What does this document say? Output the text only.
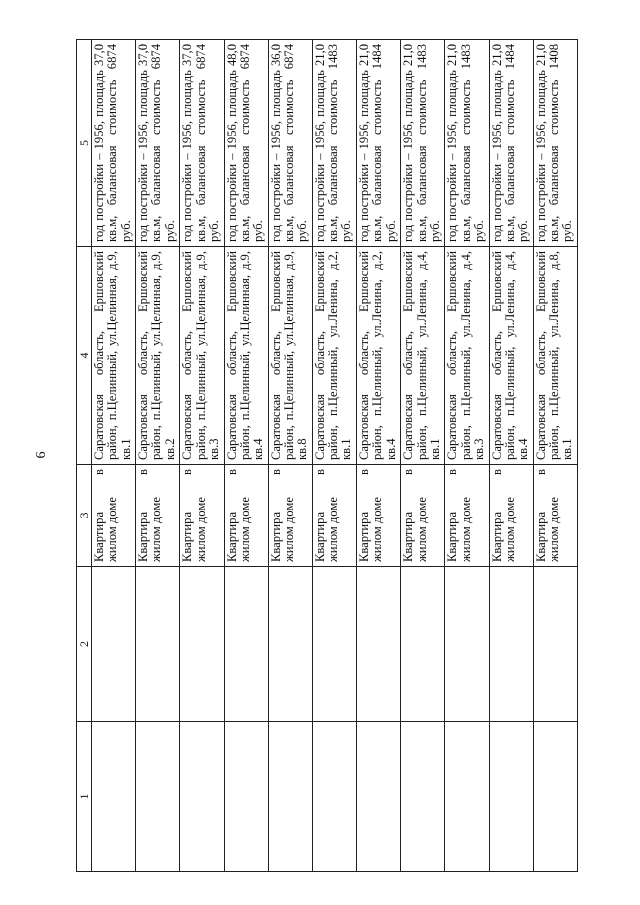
6
1	2	3	4	5
		Квартира в жилом доме	Саратовская область, Ершовский район, п.Целинный, ул.Целинная, д.9, кв.1	год постройки – 1956, площадь 37,0 кв.м, балансовая стоимость 6874 руб.
		Квартира в жилом доме	Саратовская область, Ершовский район, п.Целинный, ул.Целинная, д.9, кв.2	год постройки – 1956, площадь 37,0 кв.м, балансовая стоимость 6874 руб.
		Квартира в жилом доме	Саратовская область, Ершовский район, п.Целинный, ул.Целинная, д.9, кв.3	год постройки – 1956, площадь 37,0 кв.м, балансовая стоимость 6874 руб.
		Квартира в жилом доме	Саратовская область, Ершовский район, п.Целинный, ул.Целинная, д.9, кв.4	год постройки – 1956, площадь 48,0 кв.м, балансовая стоимость 6874 руб.
		Квартира в жилом доме	Саратовская область, Ершовский район, п.Целинный, ул.Целинная, д.9, кв.8	год постройки – 1956, площадь 36,0 кв.м, балансовая стоимость 6874 руб.
		Квартира в жилом доме	Саратовская область, Ершовский район, п.Целинный, ул.Ленина, д.2, кв.1	год постройки – 1956, площадь 21,0 кв.м, балансовая стоимость 1483 руб.
		Квартира в жилом доме	Саратовская область, Ершовский район, п.Целинный, ул.Ленина, д.2, кв.4	год постройки – 1956, площадь 21,0 кв.м, балансовая стоимость 1484 руб.
		Квартира в жилом доме	Саратовская область, Ершовский район, п.Целинный, ул.Ленина, д.4, кв.1	год постройки – 1956, площадь 21,0 кв.м, балансовая стоимость 1483 руб.
		Квартира в жилом доме	Саратовская область, Ершовский район, п.Целинный, ул.Ленина, д.4, кв.3	год постройки – 1956, площадь 21,0 кв.м, балансовая стоимость 1483 руб.
		Квартира в жилом доме	Саратовская область, Ершовский район, п.Целинный, ул.Ленина, д.4, кв.4	год постройки – 1956, площадь 21,0 кв.м, балансовая стоимость 1484 руб.
		Квартира в жилом доме	Саратовская область, Ершовский район, п.Целинный, ул.Ленина, д.8, кв.1	год постройки – 1956, площадь 21,0 кв.м, балансовая стоимость 1408 руб.
